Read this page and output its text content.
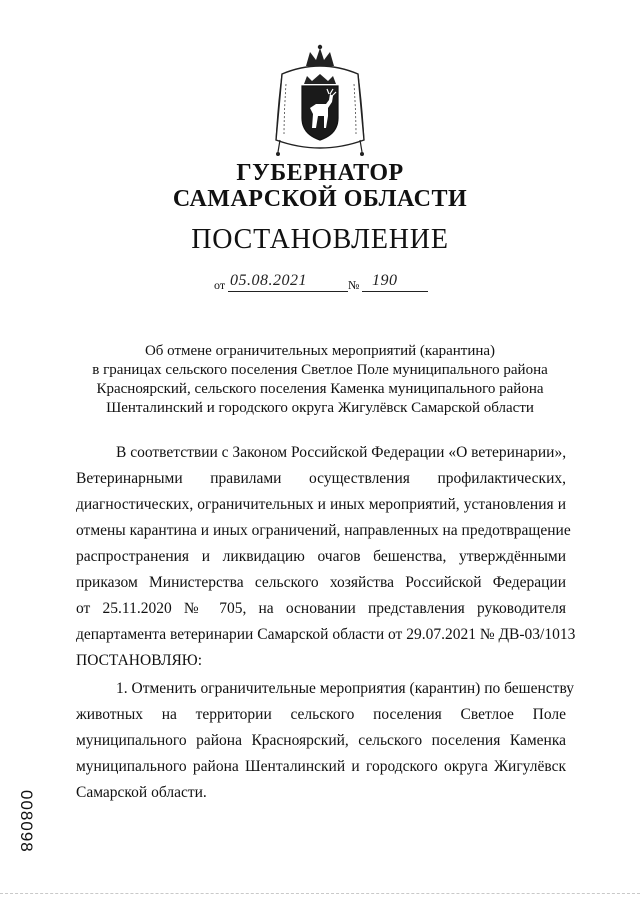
ГУБЕРНАТОР
САМАРСКОЙ ОБЛАСТИ
ПОСТАНОВЛЕНИЕ
от 05.08.2021	№ 190
Об отмене ограничительных мероприятий (карантина)
в границах сельского поселения Светлое Поле муниципального района
Красноярский, сельского поселения Каменка муниципального района
Шенталинский и городского округа Жигулёвск Самарской области
В соответствии с Законом Российской Федерации «О ветеринарии»,
Ветеринарными правилами осуществления профилактических,
диагностических, ограничительных и иных мероприятий, установления и
отмены карантина и иных ограничений, направленных на предотвращение
распространения и ликвидацию очагов бешенства, утверждёнными
приказом Министерства сельского хозяйства Российской Федерации
от 25.11.2020 № 705, на основании представления руководителя
департамента ветеринарии Самарской области от 29.07.2021 № ДВ-03/1013
ПОСТАНОВЛЯЮ:
1. Отменить ограничительные мероприятия (карантин) по бешенству
животных на территории сельского поселения Светлое Поле
муниципального района Красноярский, сельского поселения Каменка
муниципального района Шенталинский и городского округа Жигулёвск
Самарской области.
008098
